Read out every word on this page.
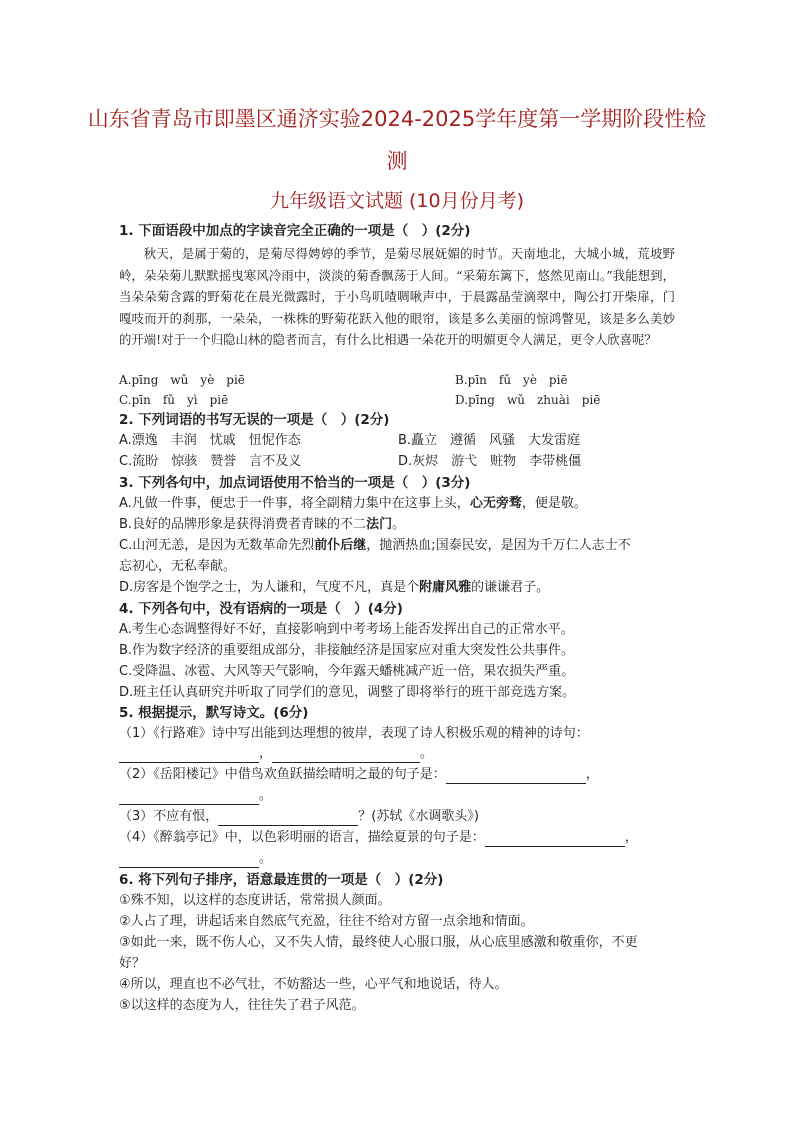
山东省青岛市即墨区通济实验2024-2025学年度第一学期阶段性检
测
九年级语文试题 (10月份月考)
1. 下面语段中加点的字读音完全正确的一项是（　）(2分)
秋天，是属于菊的，是菊尽得娉婷的季节，是菊尽展妩媚的时节。天南地北，大城小城，荒坡野岭，朵朵菊儿默默摇曳寒风冷雨中，淡淡的菊香飘荡于人间。“采菊东篱下，悠然见南山。”我能想到，当朵朵菊含露的野菊花在晨光微露时，于小鸟叽喳啁啾声中，于晨露晶莹滴翠中，陶公打开柴扉，门嘎吱而开的刹那，一朵朵，一株株的野菊花跃入他的眼帘，该是多么美丽的惊鸿瞥见，该是多么美妙的开端!对于一个归隐山林的隐者而言，有什么比相遇一朵花开的明媚更令人满足，更令人欣喜呢？
A.pīng　wǔ　yè　piē	B.pīn　fǔ　yè　piē
C.pīn　fǔ　yì　piē	D.pīng　wǔ　zhuài　piē
2. 下列词语的书写无误的一项是（　）(2分)
A.漂逸　丰润　忧戚　忸怩作态	B.矗立　遵循　风骚　大发雷庭
C.流盼　惊骇　赞誉　言不及义	D.灰烬　游弋　赃物　李带桃僵
3. 下列各句中，加点词语使用不恰当的一项是（　）(3分)
A.凡做一件事，便忠于一件事，将全副精力集中在这事上头，心无旁骛，便是敬。
B.良好的品牌形象是获得消费者青睐的不二法门。
C.山河无恙，是因为无数革命先烈前仆后继，抛洒热血;国泰民安，是因为千万仁人志士不
忘初心，无私奉献。
D.房客是个饱学之士，为人谦和，气度不凡，真是个附庸风雅的谦谦君子。
4. 下列各句中，没有语病的一项是（　）(4分)
A.考生心态调整得好不好，直接影响到中考考场上能否发挥出自己的正常水平。
B.作为数字经济的重要组成部分，非接触经济是国家应对重大突发性公共事件。
C.受降温、冰雹、大风等天气影响，今年露天蟠桃减产近一倍，果农损失严重。
D.班主任认真研究并听取了同学们的意见，调整了即将举行的班干部竞选方案。
5. 根据提示，默写诗文。(6分)
（1）《行路难》诗中写出能到达理想的彼岸，表现了诗人积极乐观的精神的诗句：
，	。
（2）《岳阳楼记》中借鸟欢鱼跃描绘晴明之最的句子是：	，
。
（3）不应有恨，	？(苏轼《水调歌头》)
（4）《醉翁亭记》中，以色彩明丽的语言，描绘夏景的句子是：	，
。
6. 将下列句子排序，语意最连贯的一项是（　）(2分)
①殊不知，以这样的态度讲话，常常损人颜面。
②人占了理，讲起话来自然底气充盈，往往不给对方留一点余地和情面。
③如此一来，既不伤人心，又不失人情，最终使人心服口服，从心底里感激和敬重你，不更
好？
④所以，理直也不必气壮，不妨豁达一些，心平气和地说话，待人。
⑤以这样的态度为人，往往失了君子风范。
